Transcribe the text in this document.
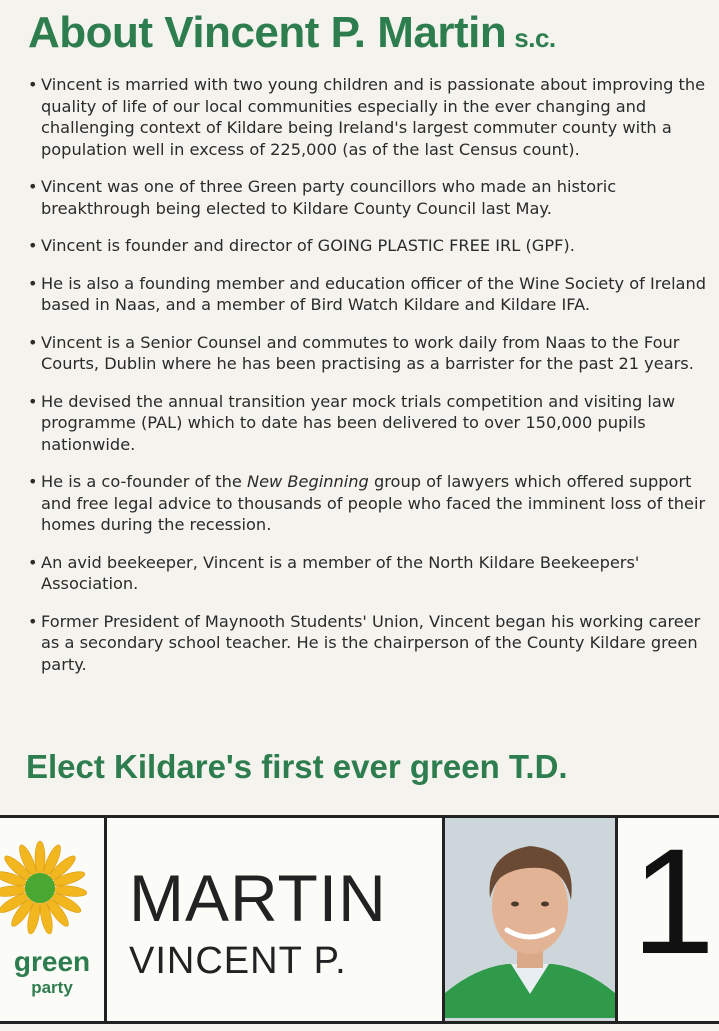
About Vincent P. Martin s.c.
• Vincent is married with two young children and is passionate about improving the quality of life of our local communities especially in the ever changing and challenging context of Kildare being Ireland's largest commuter county with a population well in excess of 225,000 (as of the last Census count).
• Vincent was one of three Green party councillors who made an historic breakthrough being elected to Kildare County Council last May.
• Vincent is founder and director of GOING PLASTIC FREE IRL (GPF).
• He is also a founding member and education officer of the Wine Society of Ireland based in Naas, and a member of Bird Watch Kildare and Kildare IFA.
• Vincent is a Senior Counsel and commutes to work daily from Naas to the Four Courts, Dublin where he has been practising as a barrister for the past 21 years.
• He devised the annual transition year mock trials competition and visiting law programme (PAL) which to date has been delivered to over 150,000 pupils nationwide.
• He is a co-founder of the New Beginning group of lawyers which offered support and free legal advice to thousands of people who faced the imminent loss of their homes during the recession.
• An avid beekeeper, Vincent is a member of the North Kildare Beekeepers' Association.
• Former President of Maynooth Students' Union, Vincent began his working career as a secondary school teacher. He is the chairperson of the County Kildare green party.
Elect Kildare's first ever green T.D.
green
party
MARTIN
VINCENT P. 1
